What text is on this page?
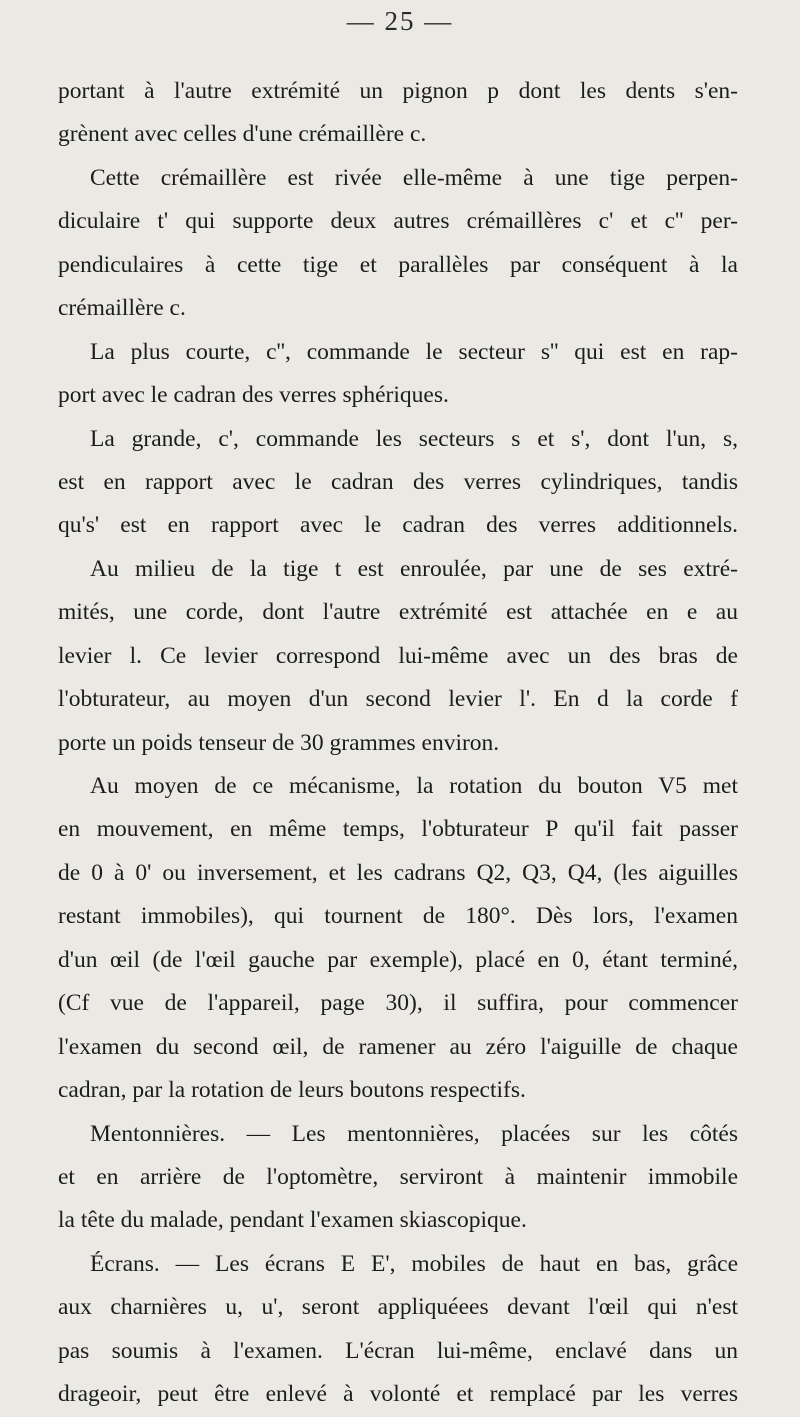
— 25 —
portant à l'autre extrémité un pignon p dont les dents s'en-
grènent avec celles d'une crémaillère c.
Cette crémaillère est rivée elle-même à une tige perpen-
diculaire t' qui supporte deux autres crémaillères c' et c'' per-
pendiculaires à cette tige et parallèles par conséquent à la
crémaillère c.
La plus courte, c'', commande le secteur s'' qui est en rap-
port avec le cadran des verres sphériques.
La grande, c', commande les secteurs s et s', dont l'un, s,
est en rapport avec le cadran des verres cylindriques, tandis
qu's' est en rapport avec le cadran des verres additionnels.
Au milieu de la tige t est enroulée, par une de ses extré-
mités, une corde, dont l'autre extrémité est attachée en e au
levier l. Ce levier correspond lui-même avec un des bras de
l'obturateur, au moyen d'un second levier l'. En d la corde f
porte un poids tenseur de 30 grammes environ.
Au moyen de ce mécanisme, la rotation du bouton V5 met
en mouvement, en même temps, l'obturateur P qu'il fait passer
de 0 à 0' ou inversement, et les cadrans Q2, Q3, Q4, (les aiguilles
restant immobiles), qui tournent de 180°. Dès lors, l'examen
d'un œil (de l'œil gauche par exemple), placé en 0, étant terminé,
(Cf vue de l'appareil, page 30), il suffira, pour commencer
l'examen du second œil, de ramener au zéro l'aiguille de chaque
cadran, par la rotation de leurs boutons respectifs.
Mentonnières. — Les mentonnières, placées sur les côtés
et en arrière de l'optomètre, serviront à maintenir immobile
la tête du malade, pendant l'examen skiascopique.
Écrans. — Les écrans E E', mobiles de haut en bas, grâce
aux charnières u, u', seront appliquéees devant l'œil qui n'est
pas soumis à l'examen. L'écran lui-même, enclavé dans un
drageoir, peut être enlevé à volonté et remplacé par les verres
